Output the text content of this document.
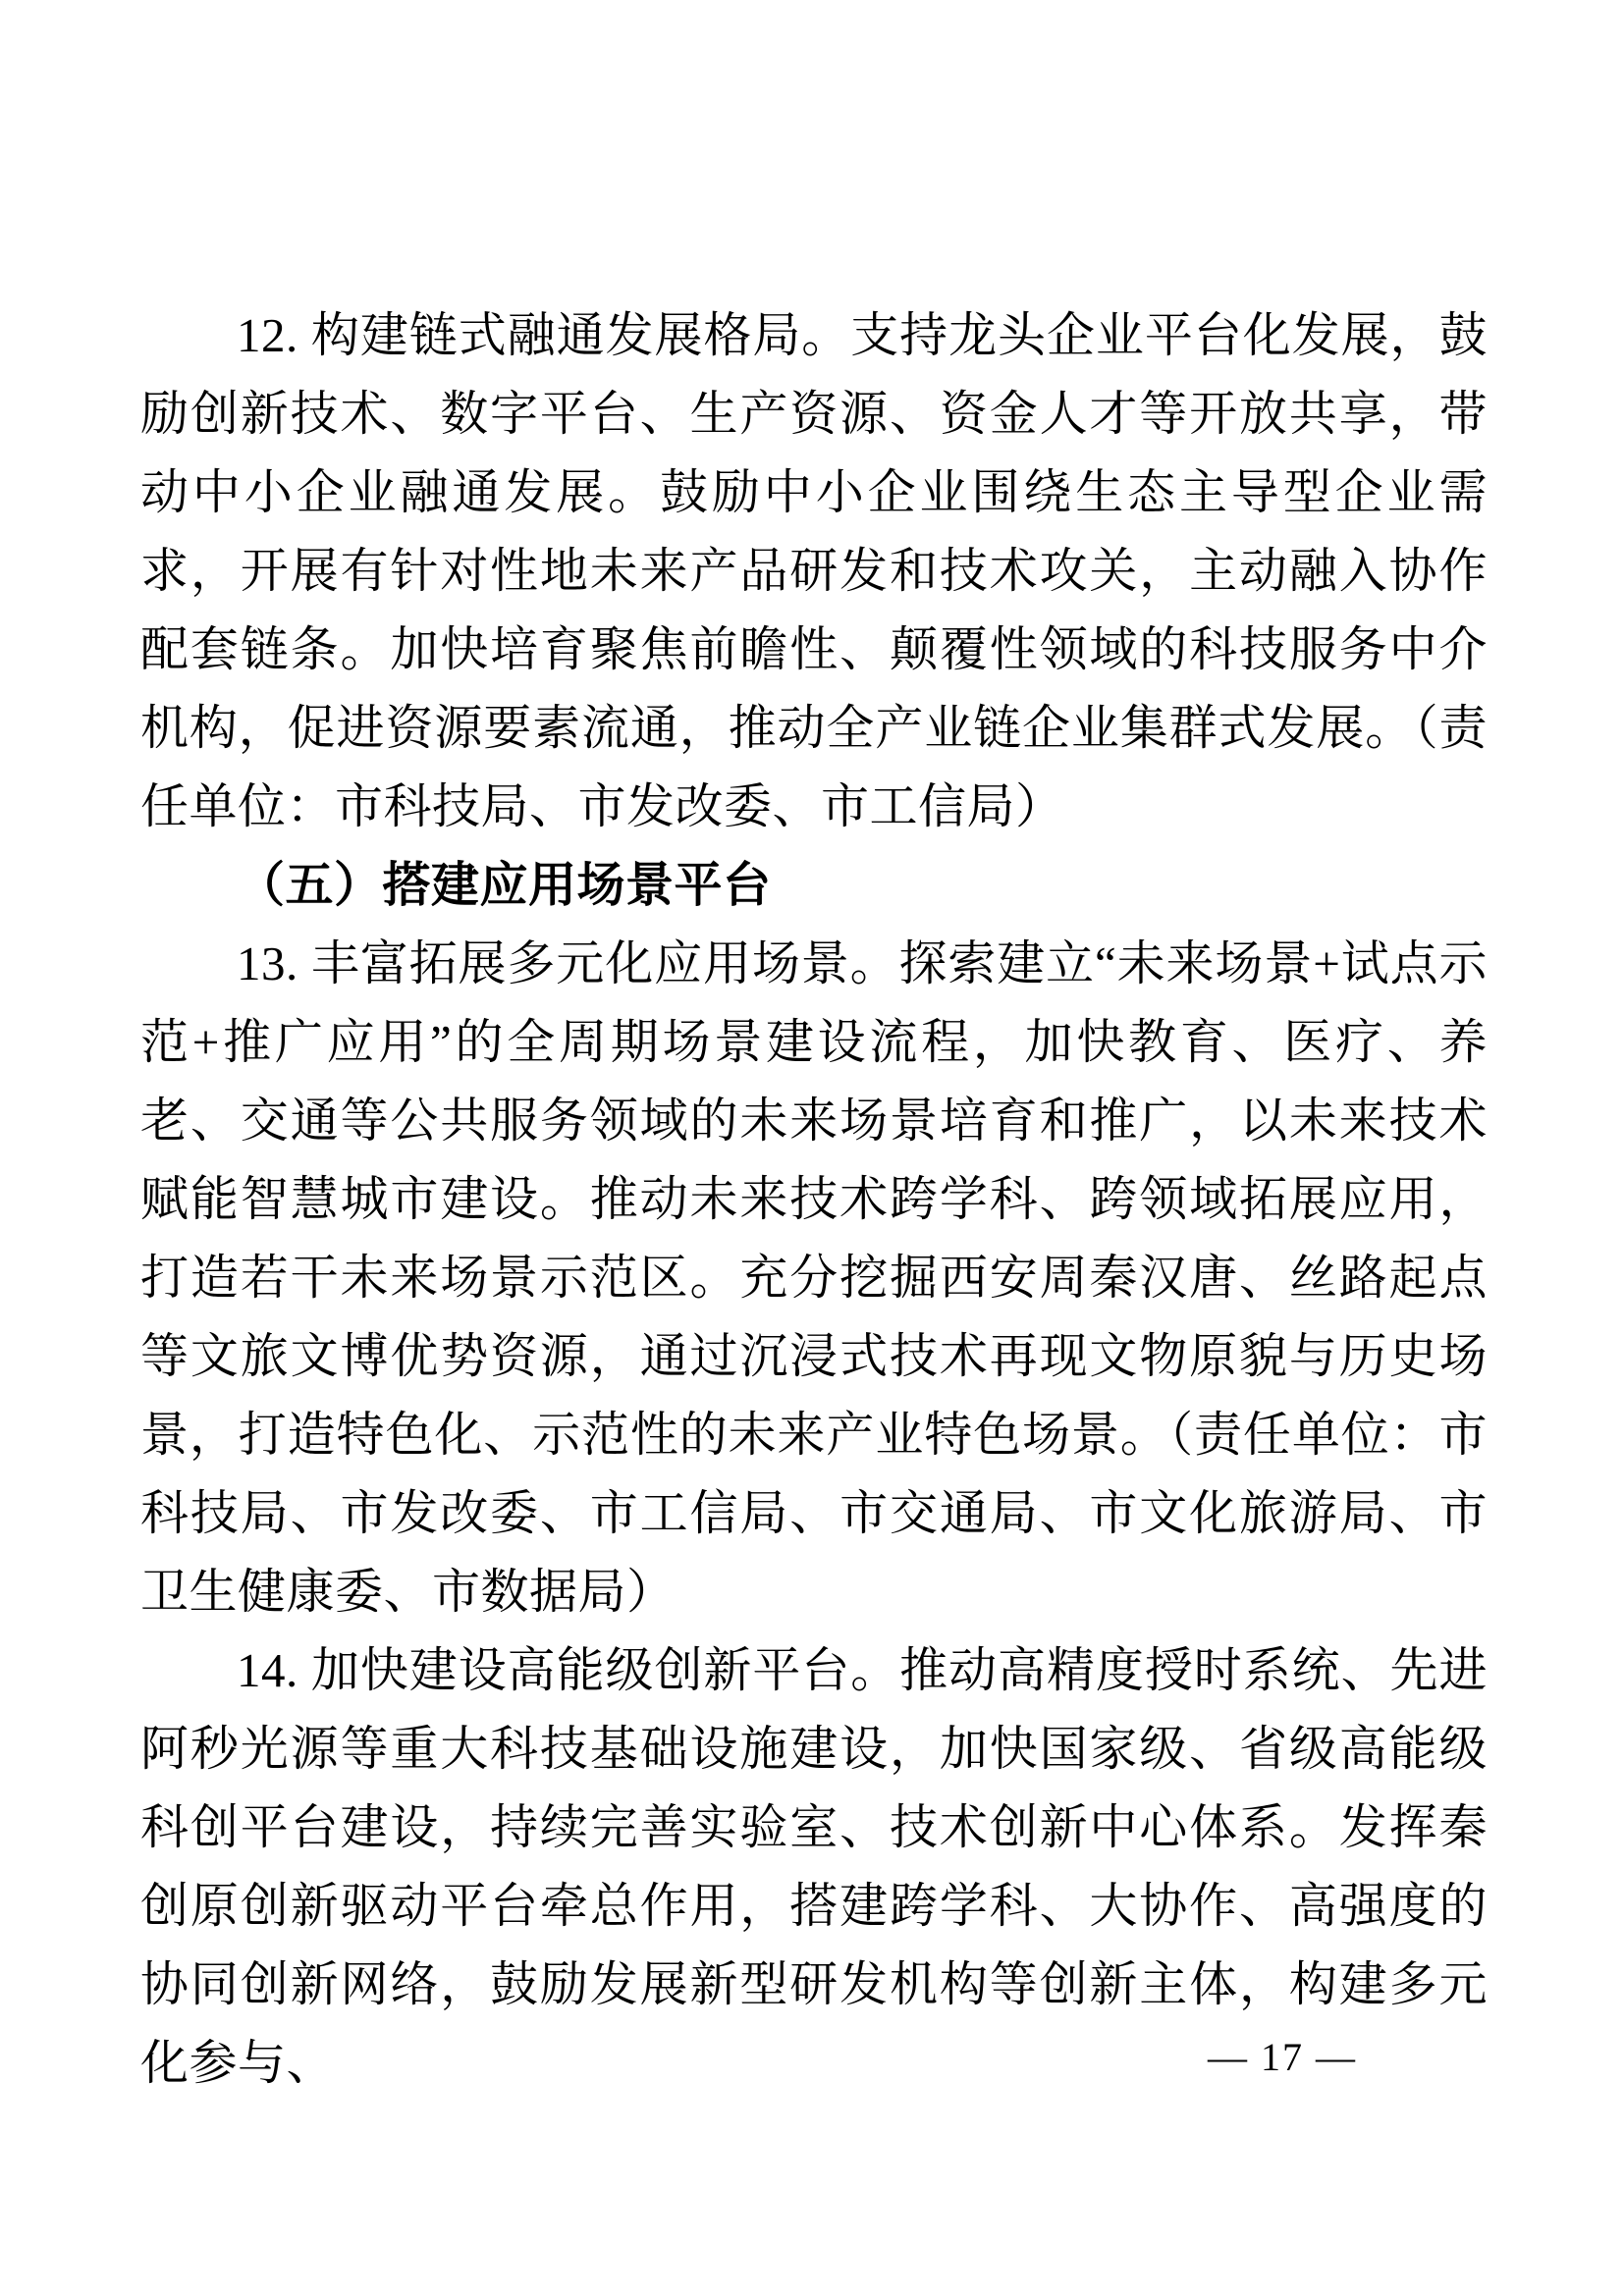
12. 构建链式融通发展格局。支持龙头企业平台化发展，鼓励创新技术、数字平台、生产资源、资金人才等开放共享，带动中小企业融通发展。鼓励中小企业围绕生态主导型企业需求，开展有针对性地未来产品研发和技术攻关，主动融入协作配套链条。加快培育聚焦前瞻性、颠覆性领域的科技服务中介机构，促进资源要素流通，推动全产业链企业集群式发展。（责任单位：市科技局、市发改委、市工信局）

（五）搭建应用场景平台

13. 丰富拓展多元化应用场景。探索建立“未来场景+试点示范+推广应用”的全周期场景建设流程，加快教育、医疗、养老、交通等公共服务领域的未来场景培育和推广，以未来技术赋能智慧城市建设。推动未来技术跨学科、跨领域拓展应用，打造若干未来场景示范区。充分挖掘西安周秦汉唐、丝路起点等文旅文博优势资源，通过沉浸式技术再现文物原貌与历史场景，打造特色化、示范性的未来产业特色场景。（责任单位：市科技局、市发改委、市工信局、市交通局、市文化旅游局、市卫生健康委、市数据局）

14. 加快建设高能级创新平台。推动高精度授时系统、先进阿秒光源等重大科技基础设施建设，加快国家级、省级高能级科创平台建设，持续完善实验室、技术创新中心体系。发挥秦创原创新驱动平台牵总作用，搭建跨学科、大协作、高强度的协同创新网络，鼓励发展新型研发机构等创新主体，构建多元化参与、	— 17 —
